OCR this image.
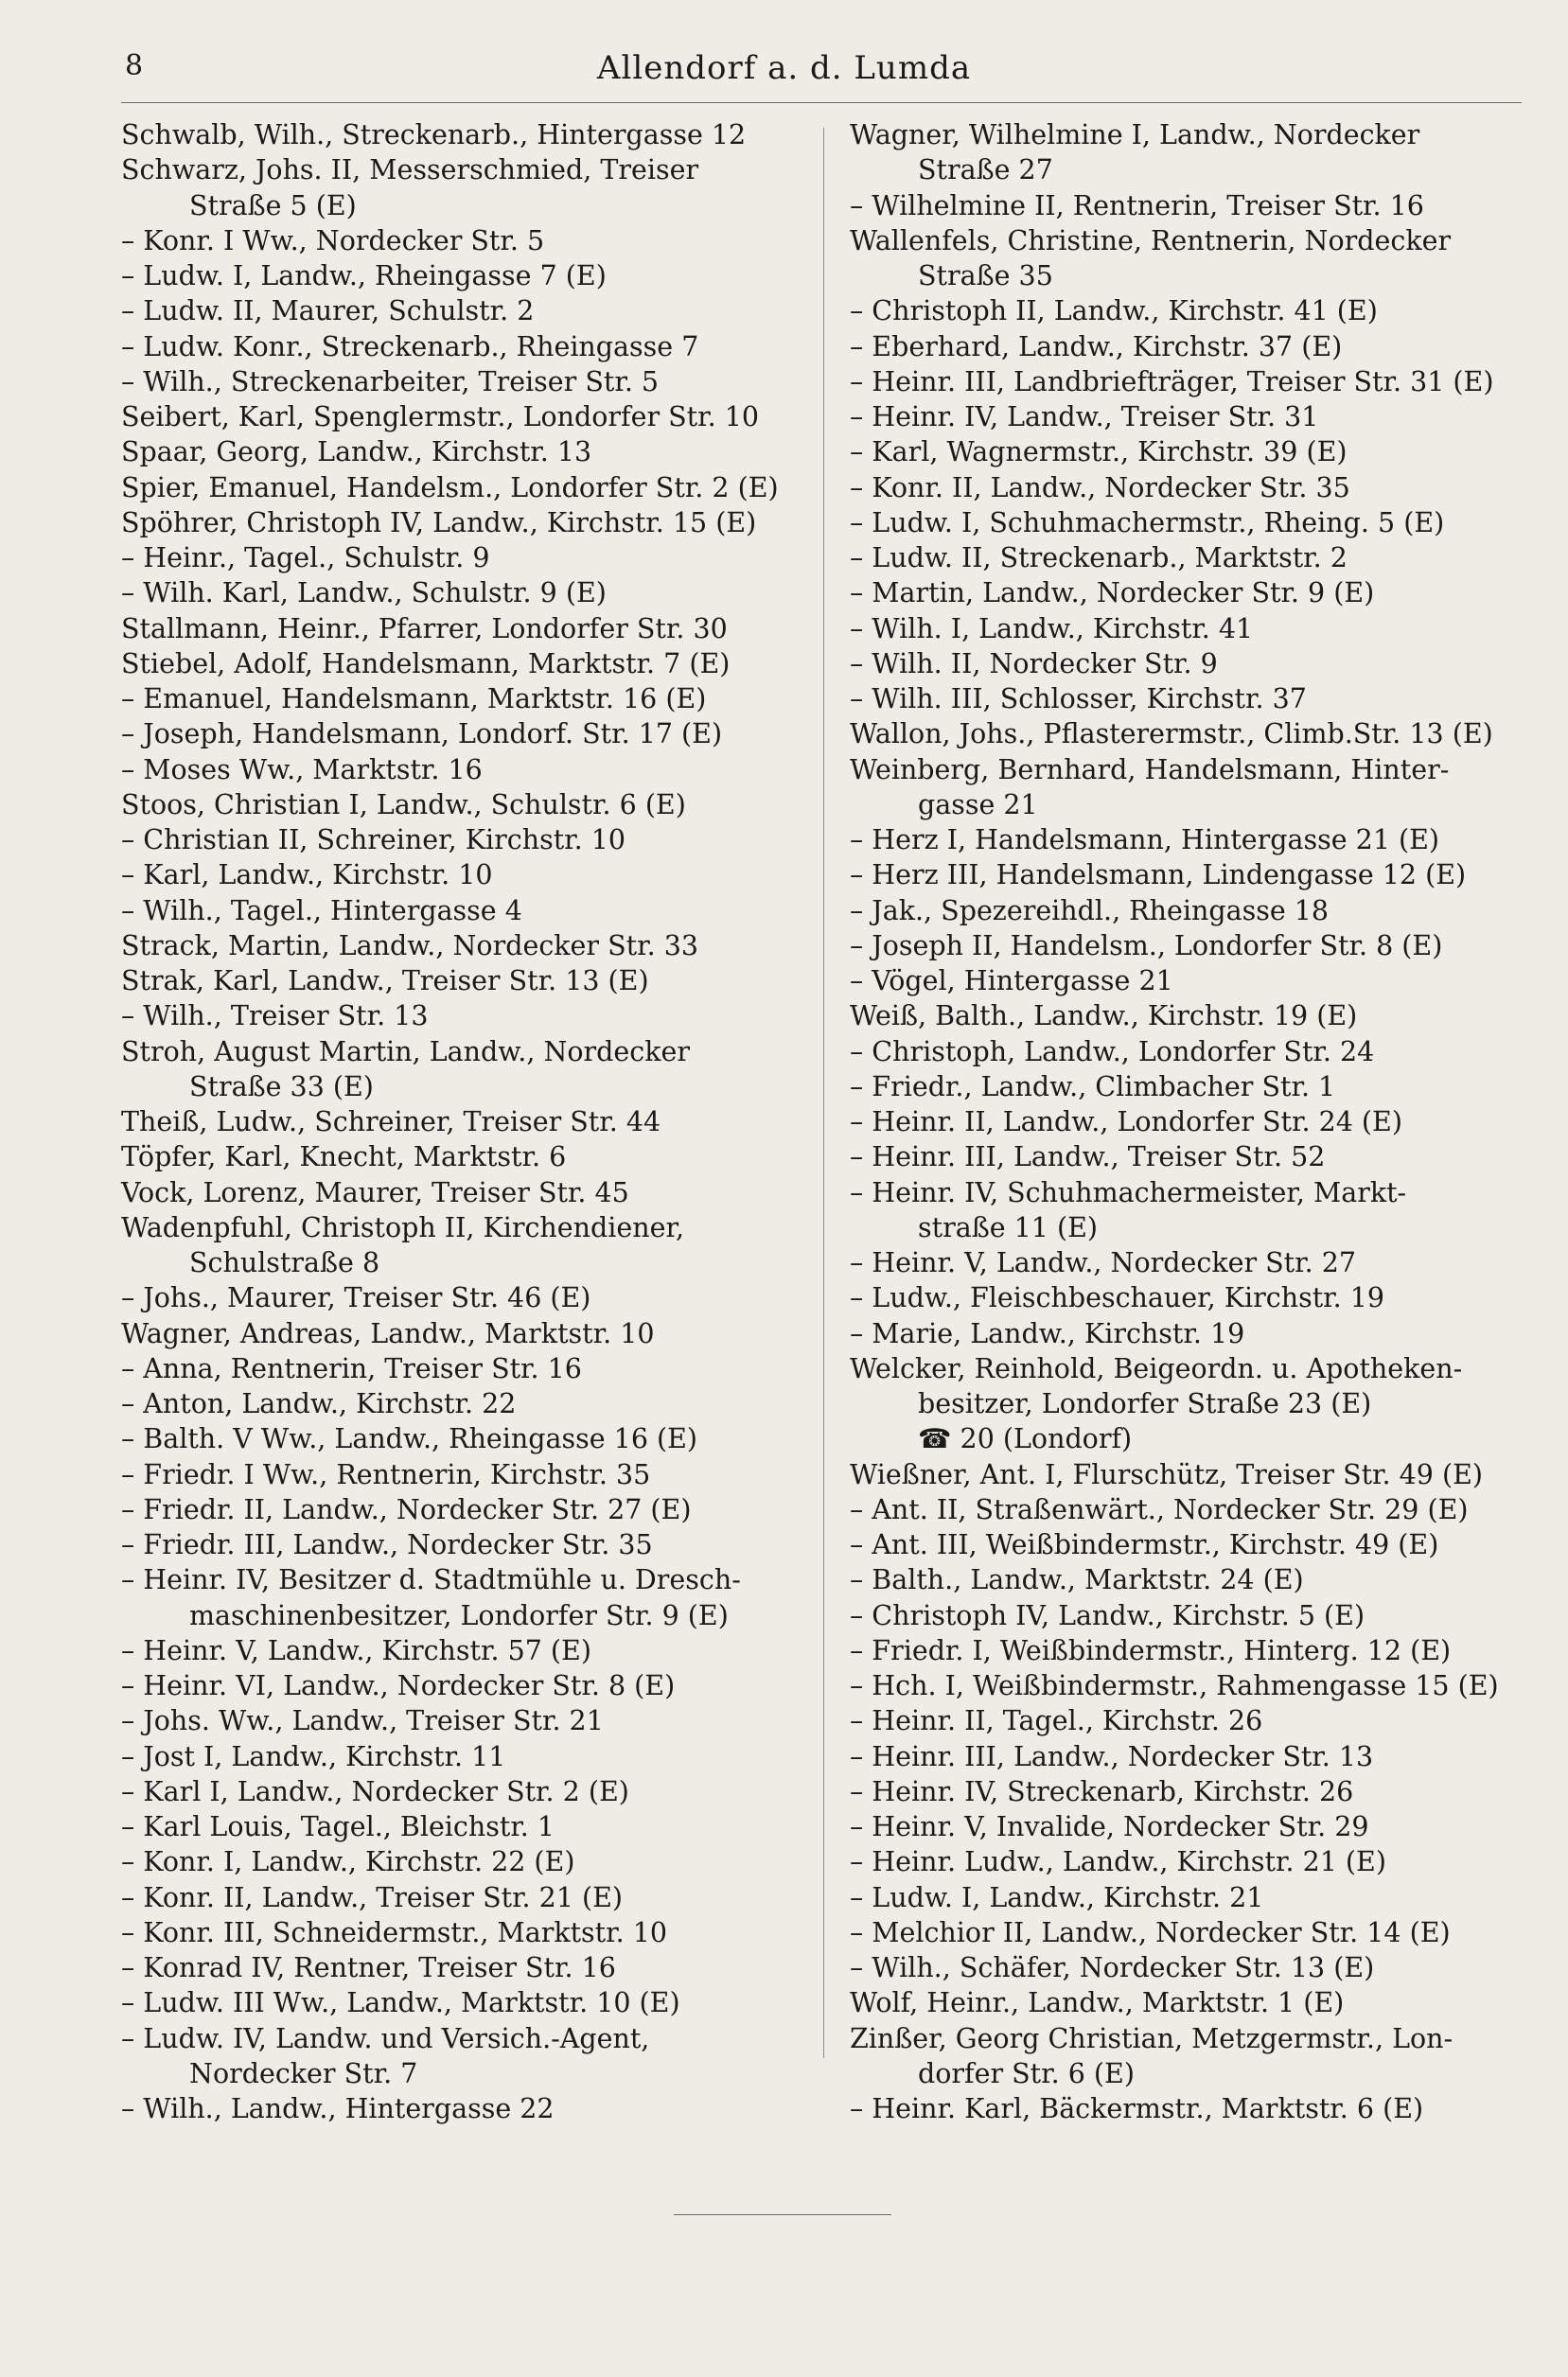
8	Allendorf a. d. Lumda
Schwalb, Wilh., Streckenarb., Hintergasse 12
Schwarz, Johs. II, Messerschmied, Treiser
Straße 5 (E)
– Konr. I Ww., Nordecker Str. 5
– Ludw. I, Landw., Rheingasse 7 (E)
– Ludw. II, Maurer, Schulstr. 2
– Ludw. Konr., Streckenarb., Rheingasse 7
– Wilh., Streckenarbeiter, Treiser Str. 5
Seibert, Karl, Spenglermstr., Londorfer Str. 10
Spaar, Georg, Landw., Kirchstr. 13
Spier, Emanuel, Handelsm., Londorfer Str. 2 (E)
Spöhrer, Christoph IV, Landw., Kirchstr. 15 (E)
– Heinr., Tagel., Schulstr. 9
– Wilh. Karl, Landw., Schulstr. 9 (E)
Stallmann, Heinr., Pfarrer, Londorfer Str. 30
Stiebel, Adolf, Handelsmann, Marktstr. 7 (E)
– Emanuel, Handelsmann, Marktstr. 16 (E)
– Joseph, Handelsmann, Londorf. Str. 17 (E)
– Moses Ww., Marktstr. 16
Stoos, Christian I, Landw., Schulstr. 6 (E)
– Christian II, Schreiner, Kirchstr. 10
– Karl, Landw., Kirchstr. 10
– Wilh., Tagel., Hintergasse 4
Strack, Martin, Landw., Nordecker Str. 33
Strak, Karl, Landw., Treiser Str. 13 (E)
– Wilh., Treiser Str. 13
Stroh, August Martin, Landw., Nordecker
Straße 33 (E)
Theiß, Ludw., Schreiner, Treiser Str. 44
Töpfer, Karl, Knecht, Marktstr. 6
Vock, Lorenz, Maurer, Treiser Str. 45
Wadenpfuhl, Christoph II, Kirchendiener,
Schulstraße 8
– Johs., Maurer, Treiser Str. 46 (E)
Wagner, Andreas, Landw., Marktstr. 10
– Anna, Rentnerin, Treiser Str. 16
– Anton, Landw., Kirchstr. 22
– Balth. V Ww., Landw., Rheingasse 16 (E)
– Friedr. I Ww., Rentnerin, Kirchstr. 35
– Friedr. II, Landw., Nordecker Str. 27 (E)
– Friedr. III, Landw., Nordecker Str. 35
– Heinr. IV, Besitzer d. Stadtmühle u. Dresch-
maschinenbesitzer, Londorfer Str. 9 (E)
– Heinr. V, Landw., Kirchstr. 57 (E)
– Heinr. VI, Landw., Nordecker Str. 8 (E)
– Johs. Ww., Landw., Treiser Str. 21
– Jost I, Landw., Kirchstr. 11
– Karl I, Landw., Nordecker Str. 2 (E)
– Karl Louis, Tagel., Bleichstr. 1
– Konr. I, Landw., Kirchstr. 22 (E)
– Konr. II, Landw., Treiser Str. 21 (E)
– Konr. III, Schneidermstr., Marktstr. 10
– Konrad IV, Rentner, Treiser Str. 16
– Ludw. III Ww., Landw., Marktstr. 10 (E)
– Ludw. IV, Landw. und Versich.-Agent,
Nordecker Str. 7
– Wilh., Landw., Hintergasse 22
Wagner, Wilhelmine I, Landw., Nordecker
Straße 27
– Wilhelmine II, Rentnerin, Treiser Str. 16
Wallenfels, Christine, Rentnerin, Nordecker
Straße 35
– Christoph II, Landw., Kirchstr. 41 (E)
– Eberhard, Landw., Kirchstr. 37 (E)
– Heinr. III, Landbriefträger, Treiser Str. 31 (E)
– Heinr. IV, Landw., Treiser Str. 31
– Karl, Wagnermstr., Kirchstr. 39 (E)
– Konr. II, Landw., Nordecker Str. 35
– Ludw. I, Schuhmachermstr., Rheing. 5 (E)
– Ludw. II, Streckenarb., Marktstr. 2
– Martin, Landw., Nordecker Str. 9 (E)
– Wilh. I, Landw., Kirchstr. 41
– Wilh. II, Nordecker Str. 9
– Wilh. III, Schlosser, Kirchstr. 37
Wallon, Johs., Pflasterermstr., Climb.Str. 13 (E)
Weinberg, Bernhard, Handelsmann, Hinter-
gasse 21
– Herz I, Handelsmann, Hintergasse 21 (E)
– Herz III, Handelsmann, Lindengasse 12 (E)
– Jak., Spezereihdl., Rheingasse 18
– Joseph II, Handelsm., Londorfer Str. 8 (E)
– Vögel, Hintergasse 21
Weiß, Balth., Landw., Kirchstr. 19 (E)
– Christoph, Landw., Londorfer Str. 24
– Friedr., Landw., Climbacher Str. 1
– Heinr. II, Landw., Londorfer Str. 24 (E)
– Heinr. III, Landw., Treiser Str. 52
– Heinr. IV, Schuhmachermeister, Markt-
straße 11 (E)
– Heinr. V, Landw., Nordecker Str. 27
– Ludw., Fleischbeschauer, Kirchstr. 19
– Marie, Landw., Kirchstr. 19
Welcker, Reinhold, Beigeordn. u. Apotheken-
besitzer, Londorfer Straße 23 (E)
☎ 20 (Londorf)
Wießner, Ant. I, Flurschütz, Treiser Str. 49 (E)
– Ant. II, Straßenwärt., Nordecker Str. 29 (E)
– Ant. III, Weißbindermstr., Kirchstr. 49 (E)
– Balth., Landw., Marktstr. 24 (E)
– Christoph IV, Landw., Kirchstr. 5 (E)
– Friedr. I, Weißbindermstr., Hinterg. 12 (E)
– Hch. I, Weißbindermstr., Rahmengasse 15 (E)
– Heinr. II, Tagel., Kirchstr. 26
– Heinr. III, Landw., Nordecker Str. 13
– Heinr. IV, Streckenarb, Kirchstr. 26
– Heinr. V, Invalide, Nordecker Str. 29
– Heinr. Ludw., Landw., Kirchstr. 21 (E)
– Ludw. I, Landw., Kirchstr. 21
– Melchior II, Landw., Nordecker Str. 14 (E)
– Wilh., Schäfer, Nordecker Str. 13 (E)
Wolf, Heinr., Landw., Marktstr. 1 (E)
Zinßer, Georg Christian, Metzgermstr., Lon-
dorfer Str. 6 (E)
– Heinr. Karl, Bäckermstr., Marktstr. 6 (E)
